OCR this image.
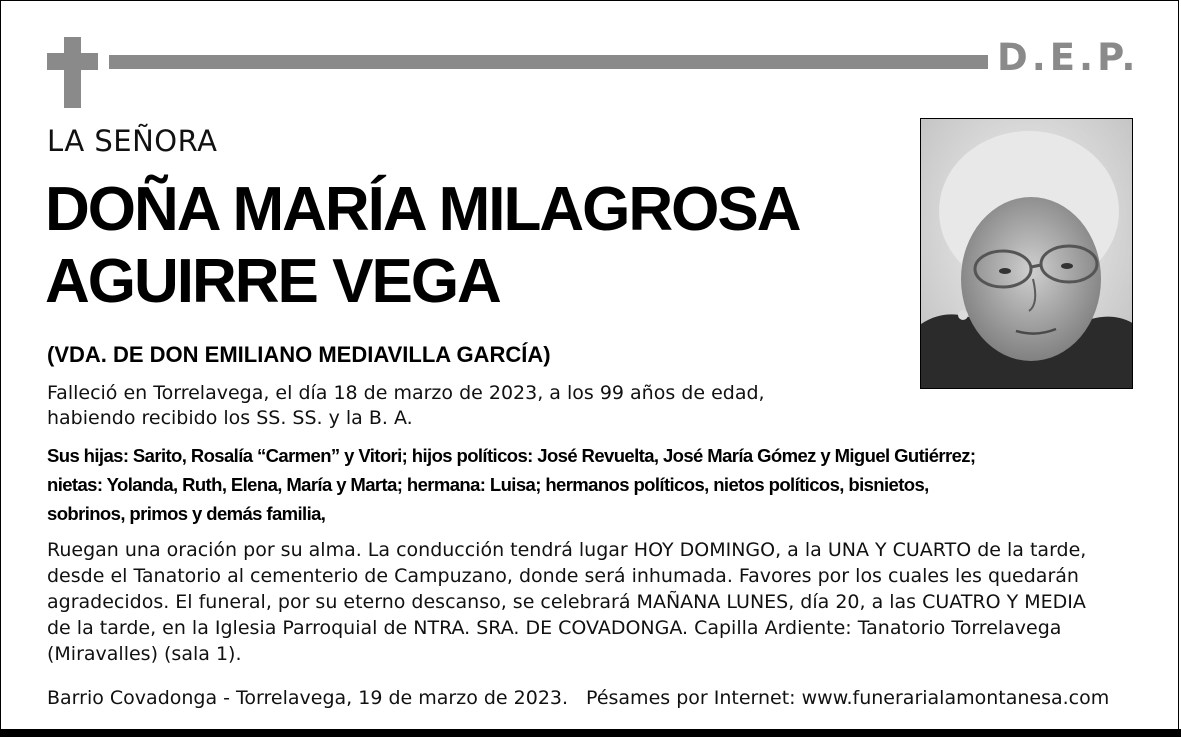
D.E.P.
LA SEÑORA
DOÑA MARÍA MILAGROSA
AGUIRRE VEGA
(VDA. DE DON EMILIANO MEDIAVILLA GARCÍA)
Falleció en Torrelavega, el día 18 de marzo de 2023, a los 99 años de edad,
habiendo recibido los SS. SS. y la B. A.
Sus hijas: Sarito, Rosalía “Carmen” y Vitori; hijos políticos: José Revuelta, José María Gómez y Miguel Gutiérrez;
nietas: Yolanda, Ruth, Elena, María y Marta; hermana: Luisa; hermanos políticos, nietos políticos, bisnietos,
sobrinos, primos y demás familia,
Ruegan una oración por su alma. La conducción tendrá lugar HOY DOMINGO, a la UNA Y CUARTO de la tarde,
desde el Tanatorio al cementerio de Campuzano, donde será inhumada. Favores por los cuales les quedarán
agradecidos. El funeral, por su eterno descanso, se celebrará MAÑANA LUNES, día 20, a las CUATRO Y MEDIA
de la tarde, en la Iglesia Parroquial de NTRA. SRA. DE COVADONGA. Capilla Ardiente: Tanatorio Torrelavega
(Miravalles) (sala 1).
Barrio Covadonga - Torrelavega, 19 de marzo de 2023. Pésames por Internet: www.funerarialamontanesa.com
